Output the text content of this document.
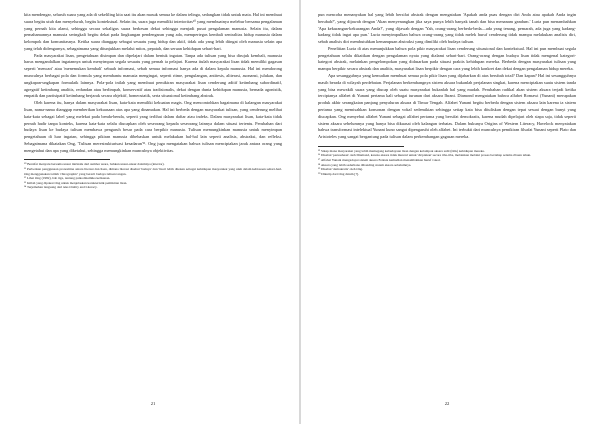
kita mendengar, seluruh suara yang ada di sekeliling kita saat itu akan masuk semua ke dalam telinga, sedangkan tidak untuk mata. Hal ini membuat suara begitu utuh dan menyeluruh, begitu kontekstual. Selain itu, suara juga memiliki interioritas¹⁰ yang membuatnya melebur bersama pengalaman yang pernah kita alami, sehingga secara sekaligus suara berkesan dekat sehingga menjadi pusat pengalaman manusia. Selain itu, dalam pemahamannya manusia seringkali begitu dekat pada lingkungan pendengaran yang ada, mempertegas kembali sentralitas hidup manusia dalam kelompok dan komunitasnya. Ketika suara dianggap sebagai sesuatu yang hidup dan aktif, tidak ada yang lebih diingat oleh manusia selain apa yang telah didengarnya, sebagaimana yang ditunjukkan melalui mitos, pepatah, dan seruan kehidupan sehari-hari.

Pada masyarakat lisan, pengetahuan disimpan dan dipelajari dalam bentuk ingatan. Tanpa ada tulisan yang bisa dirujuk kembali, manusia harus mengandalkan ingatannya untuk menyimpan segala sesuatu yang pernah ia pelajari. Karena itulah masyarakat lisan tidak memiliki gagasan seperti 'mencari' atau 'menemukan kembali' sebuah informasi, sebab semua informasi hanya ada di dalam kepala manusia. Hal ini mendorong munculnya berbagai pola dan formula yang membantu manusia mengingat, seperti ritme, pengulangan, antitesis, aliterasi, asonansi, julukan, dan ungkapan-ungkapan formulaik lainnya. Pola-pola inilah yang membuat pemikiran masyarakat lisan cenderung aditif ketimbang subordinatif, agregatif ketimbang analitis, redundan atau berlimpah, konservatif atau tradisionalis, dekat dengan dunia kehidupan manusia, bernada agonistik, empatik dan partisipatif ketimbang berjarak secara objektif, homeostatik, serta situasional ketimbang abstrak.

Oleh karena itu, hanya dalam masyarakat lisan, kata-kata memiliki kekuatan magis. Ong mencontohkan bagaimana di kalangan masyarakat lisan, nama-nama dianggap memberikan kekuasaan atas apa yang dinamakan. Hal ini berbeda dengan masyarakat tulisan, yang cenderung melihat kata-kata sebagai label yang melekat pada benda-benda, seperti yang terlihat dalam daftar atau indeks. Dalam masyarakat lisan, kata-kata tidak pernah hadir tanpa konteks, karena kata-kata selalu diucapkan oleh seseorang kepada seseorang lainnya dalam situasi tertentu. Perubahan dari budaya lisan ke budaya tulisan membawa pengaruh besar pada cara berpikir manusia. Tulisan memungkinkan manusia untuk menyimpan pengetahuan di luar ingatan, sehingga pikiran manusia dibebaskan untuk melakukan hal-hal lain seperti analisis, abstraksi, dan refleksi. Sebagaimana dikatakan Ong, 'Tulisan merestrukturisasi kesadaran'¹¹. Ong juga mengatakan bahwa tulisan menciptakan jarak antara orang yang mengetahui dan apa yang diketahui, sehingga memungkinkan munculnya objektivitas.

¹⁰ Bersifat menyatu bersama unsur intrinsik dari sumber suara, bahkan unsur-unsur dalamnya (interior).
¹¹ Perbedaan penggunaan pronomina antara literasi dan lisan, dimana literasi disebut 'budaya' dan 'lisan' lebih ditekan sebagai kehidupan masyarakat yang utuh dalam kebiasaan sehari-hari. Ong menggunakan istilah 'chirographic' yang berarti budaya tulisan tangan.
¹² Lihat Ong (1982), bab tiga, tentang psikodinamika kelisanan.
¹³ Istilah yang dipakai Ong untuk menjelaskan karakteristik pemikiran lisan.
¹⁴ Terjemahan langsung dari teks Orality and Literacy.
21

pun mencoba menanyakan hal yang lebih bersifat abstrak dengan mengatakan 'Apakah anda puas dengan diri Anda atau apakah Anda ingin berubah?', yang dijawab dengan 'Akan menyenangkan jika saya punya lebih banyak tanah dan bisa menanam gandum.' Luria pun menambahkan 'Apa kekurangan-kekurangan Anda?', yang dijawab dengan 'Yah, orang-orang berbeda-beda—ada yang tenang, pemarah, ada juga yang kadang-kadang tidak ingat apa pun.' Luria menyimpulkan bahwa orang-orang yang tidak melek huruf cenderung tidak mampu melakukan analisis diri, sebab analisis diri membutuhkan kemampuan abstraksi yang dimiliki oleh budaya tulisan.

Penelitian Luria di atas menunjukkan bahwa pola pikir masyarakat lisan cenderung situasional dan kontekstual. Hal ini pun membuat segala pengetahuan selalu dikaitkan dengan pengalaman nyata yang dialami sehari-hari. Orang-orang dengan budaya lisan tidak mengenal kategori-kategori abstrak, melainkan pengelompokan yang didasarkan pada situasi praktis kehidupan mereka. Berbeda dengan masyarakat tulisan yang mampu berpikir secara abstrak dan analitis, masyarakat lisan berpikir dengan cara yang lebih konkret dan dekat dengan pengalaman hidup mereka.

Apa sesungguhnya yang kemudian membuat semua pola pikir lisan yang dijabarkan di atas berubah total? Dan kapan? Hal ini sesungguhnya masih berada di wilayah perdebatan. Perjalanan berkembangnya sistem aksara bukanlah perjalanan singkat, karena menciptakan suatu sistem tanda yang bisa mewakili suara yang diucap oleh suatu masyarakat bukanlah hal yang mudah. Perubahan radikal akan sistem aksara terjadi ketika terciptanya alfabet di Yunani pertama kali sebagai turunan dari aksara Ibrani. Diamond mengatakan bahwa alfabet Romawi (Yunani) merupakan produk akhir serangkaian panjang penyaluran aksara di Timur Tengah. Alfabet Yunani begitu berbeda dengan sistem aksara lain karena ia sistem pertama yang memisahkan konsonan dengan vokal sedemikian sehingga setiap kata bisa dituliskan dengan tepat sesuai dengan bunyi yang diucapkan. Ong menyebut alfabet Yunani sebagai alfabet pertama yang bersifat demokratis, karena mudah dipelajari oleh siapa saja, tidak seperti sistem aksara sebelumnya yang hanya bisa dikuasai oleh kalangan terbatas. Dalam bukunya Origins of Western Literacy, Havelock menyatakan bahwa transformasi intelektual Yunani kuno sangat dipengaruhi oleh alfabet. Ini terbukti dari munculnya pemikiran filsafat Yunani seperti Plato dan Aristoteles yang sangat bergantung pada tulisan dalam perkembangan gagasan mereka.

¹⁵ Sikap mana masyarakat yang lebih memegang kebudayaan lisan dengan kelompok aksara sulit (titik) kehidupan mereka.
¹⁶ Disebut 'perusahaan' oleh Diamond, karena aksara tidak muncul untuk 'dicptakan' secara tiba-tiba, melainkan melalui proses bertahap selama ribuan tahun.
¹⁷ Alfabet Yunani mengadopsi sistem aksara Fenisia kemudian menambahkan huruf vokal.
¹⁸ Aksara yang lebih sederhana dibanding sistem aksara sebelumnya.
¹⁹ Disebut 'demokratis' oleh Ong.
²⁰ Dikutip dari Ong dalam [?].
22
